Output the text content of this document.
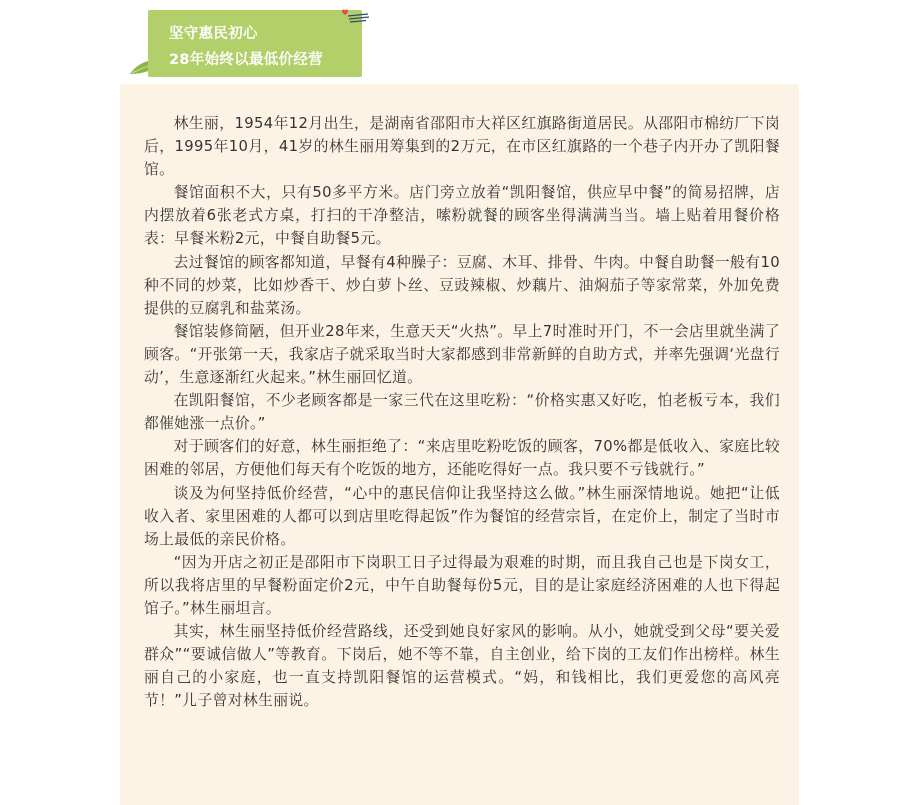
坚守惠民初心
28年始终以最低价经营

林生丽，1954年12月出生，是湖南省邵阳市大祥区红旗路街道居民。从邵阳市棉纺厂下岗后，1995年10月，41岁的林生丽用筹集到的2万元，在市区红旗路的一个巷子内开办了凯阳餐馆。

餐馆面积不大，只有50多平方米。店门旁立放着“凯阳餐馆，供应早中餐”的简易招牌，店内摆放着6张老式方桌，打扫的干净整洁，嗦粉就餐的顾客坐得满满当当。墙上贴着用餐价格表：早餐米粉2元，中餐自助餐5元。

去过餐馆的顾客都知道，早餐有4种臊子：豆腐、木耳、排骨、牛肉。中餐自助餐一般有10种不同的炒菜，比如炒香干、炒白萝卜丝、豆豉辣椒、炒藕片、油焖茄子等家常菜，外加免费提供的豆腐乳和盐菜汤。

餐馆装修简陋，但开业28年来，生意天天“火热”。早上7时准时开门，不一会店里就坐满了顾客。“开张第一天，我家店子就采取当时大家都感到非常新鲜的自助方式，并率先强调‘光盘行动’，生意逐渐红火起来。”林生丽回忆道。

在凯阳餐馆，不少老顾客都是一家三代在这里吃粉：“价格实惠又好吃，怕老板亏本，我们都催她涨一点价。”

对于顾客们的好意，林生丽拒绝了：“来店里吃粉吃饭的顾客，70%都是低收入、家庭比较困难的邻居，方便他们每天有个吃饭的地方，还能吃得好一点。我只要不亏钱就行。”

谈及为何坚持低价经营，“心中的惠民信仰让我坚持这么做。”林生丽深情地说。她把“让低收入者、家里困难的人都可以到店里吃得起饭”作为餐馆的经营宗旨，在定价上，制定了当时市场上最低的亲民价格。

“因为开店之初正是邵阳市下岗职工日子过得最为艰难的时期，而且我自己也是下岗女工，所以我将店里的早餐粉面定价2元，中午自助餐每份5元，目的是让家庭经济困难的人也下得起馆子。”林生丽坦言。

其实，林生丽坚持低价经营路线，还受到她良好家风的影响。从小，她就受到父母“要关爱群众”“要诚信做人”等教育。下岗后，她不等不靠，自主创业，给下岗的工友们作出榜样。林生丽自己的小家庭，也一直支持凯阳餐馆的运营模式。“妈，和钱相比，我们更爱您的高风亮节！”儿子曾对林生丽说。
